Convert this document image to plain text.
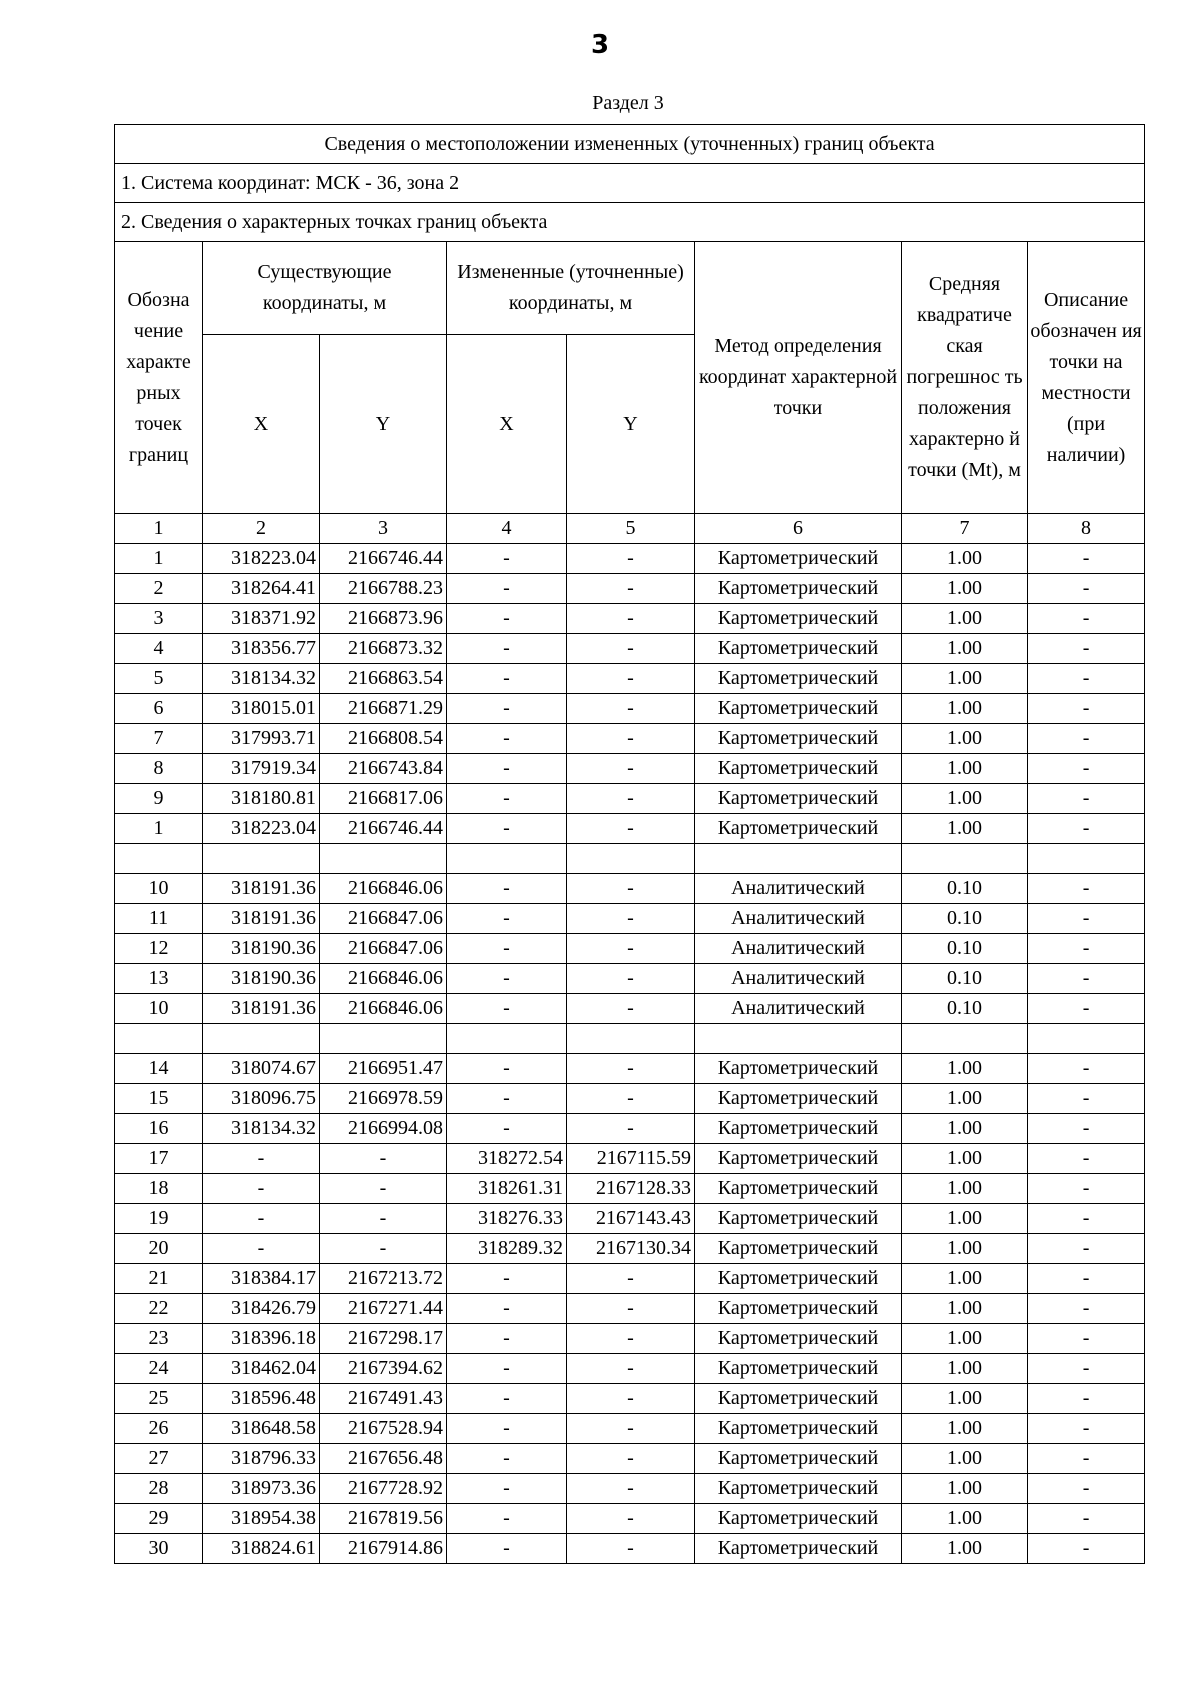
3
Раздел 3
Сведения о местоположении измененных (уточненных) границ объекта							
1. Система координат: МСК - 36, зона 2							
2. Сведения о характерных точках границ объекта							
Обозна чение характе рных точек границ	Существующие координаты, м		Измененные (уточненные) координаты, м		Метод определения координат характерной точки	Средняя квадратиче ская погрешнос ть положения характерно й точки (Mt), м	Описание обозначен ия точки на местности (при наличии)
	X	Y	X	Y			
1	2	3	4	5	6	7	8
1	318223.04	2166746.44	-	-	Картометрический	1.00	-
2	318264.41	2166788.23	-	-	Картометрический	1.00	-
3	318371.92	2166873.96	-	-	Картометрический	1.00	-
4	318356.77	2166873.32	-	-	Картометрический	1.00	-
5	318134.32	2166863.54	-	-	Картометрический	1.00	-
6	318015.01	2166871.29	-	-	Картометрический	1.00	-
7	317993.71	2166808.54	-	-	Картометрический	1.00	-
8	317919.34	2166743.84	-	-	Картометрический	1.00	-
9	318180.81	2166817.06	-	-	Картометрический	1.00	-
1	318223.04	2166746.44	-	-	Картометрический	1.00	-

10	318191.36	2166846.06	-	-	Аналитический	0.10	-
11	318191.36	2166847.06	-	-	Аналитический	0.10	-
12	318190.36	2166847.06	-	-	Аналитический	0.10	-
13	318190.36	2166846.06	-	-	Аналитический	0.10	-
10	318191.36	2166846.06	-	-	Аналитический	0.10	-

14	318074.67	2166951.47	-	-	Картометрический	1.00	-
15	318096.75	2166978.59	-	-	Картометрический	1.00	-
16	318134.32	2166994.08	-	-	Картометрический	1.00	-
17	-	-	318272.54	2167115.59	Картометрический	1.00	-
18	-	-	318261.31	2167128.33	Картометрический	1.00	-
19	-	-	318276.33	2167143.43	Картометрический	1.00	-
20	-	-	318289.32	2167130.34	Картометрический	1.00	-
21	318384.17	2167213.72	-	-	Картометрический	1.00	-
22	318426.79	2167271.44	-	-	Картометрический	1.00	-
23	318396.18	2167298.17	-	-	Картометрический	1.00	-
24	318462.04	2167394.62	-	-	Картометрический	1.00	-
25	318596.48	2167491.43	-	-	Картометрический	1.00	-
26	318648.58	2167528.94	-	-	Картометрический	1.00	-
27	318796.33	2167656.48	-	-	Картометрический	1.00	-
28	318973.36	2167728.92	-	-	Картометрический	1.00	-
29	318954.38	2167819.56	-	-	Картометрический	1.00	-
30	318824.61	2167914.86	-	-	Картометрический	1.00	-
